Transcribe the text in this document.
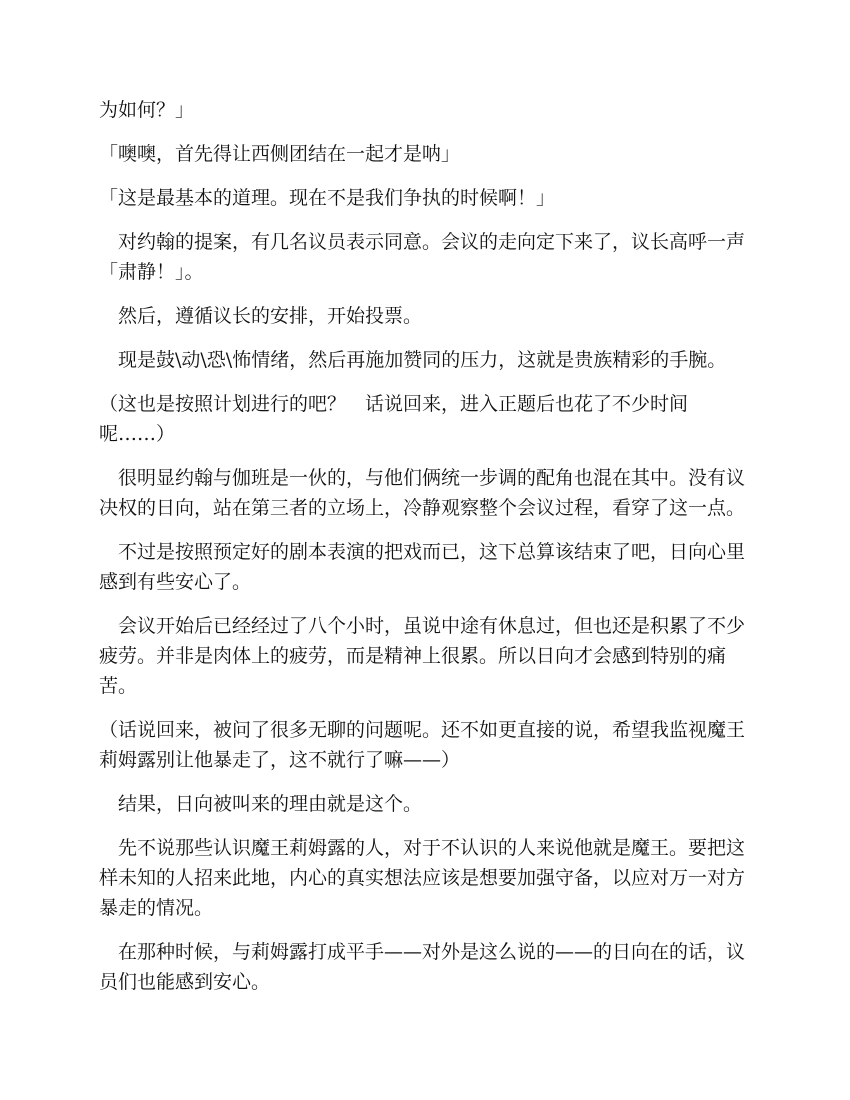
为如何？」

「噢噢，首先得让西侧团结在一起才是呐」

「这是最基本的道理。现在不是我们争执的时候啊！」

　对约翰的提案，有几名议员表示同意。会议的走向定下来了，议长高呼一声「肃静！」。

　然后，遵循议长的安排，开始投票。

　现是鼓\动\恐\怖情绪，然后再施加赞同的压力，这就是贵族精彩的手腕。

（这也是按照计划进行的吧？　话说回来，进入正题后也花了不少时间呢……）

　很明显约翰与伽班是一伙的，与他们俩统一步调的配角也混在其中。没有议决权的日向，站在第三者的立场上，冷静观察整个会议过程，看穿了这一点。

　不过是按照预定好的剧本表演的把戏而已，这下总算该结束了吧，日向心里感到有些安心了。

　会议开始后已经经过了八个小时，虽说中途有休息过，但也还是积累了不少疲劳。并非是肉体上的疲劳，而是精神上很累。所以日向才会感到特别的痛苦。

（话说回来，被问了很多无聊的问题呢。还不如更直接的说，希望我监视魔王莉姆露别让他暴走了，这不就行了嘛——）

　结果，日向被叫来的理由就是这个。

　先不说那些认识魔王莉姆露的人，对于不认识的人来说他就是魔王。要把这样未知的人招来此地，内心的真实想法应该是想要加强守备，以应对万一对方暴走的情况。

　在那种时候，与莉姆露打成平手——对外是这么说的——的日向在的话，议员们也能感到安心。
